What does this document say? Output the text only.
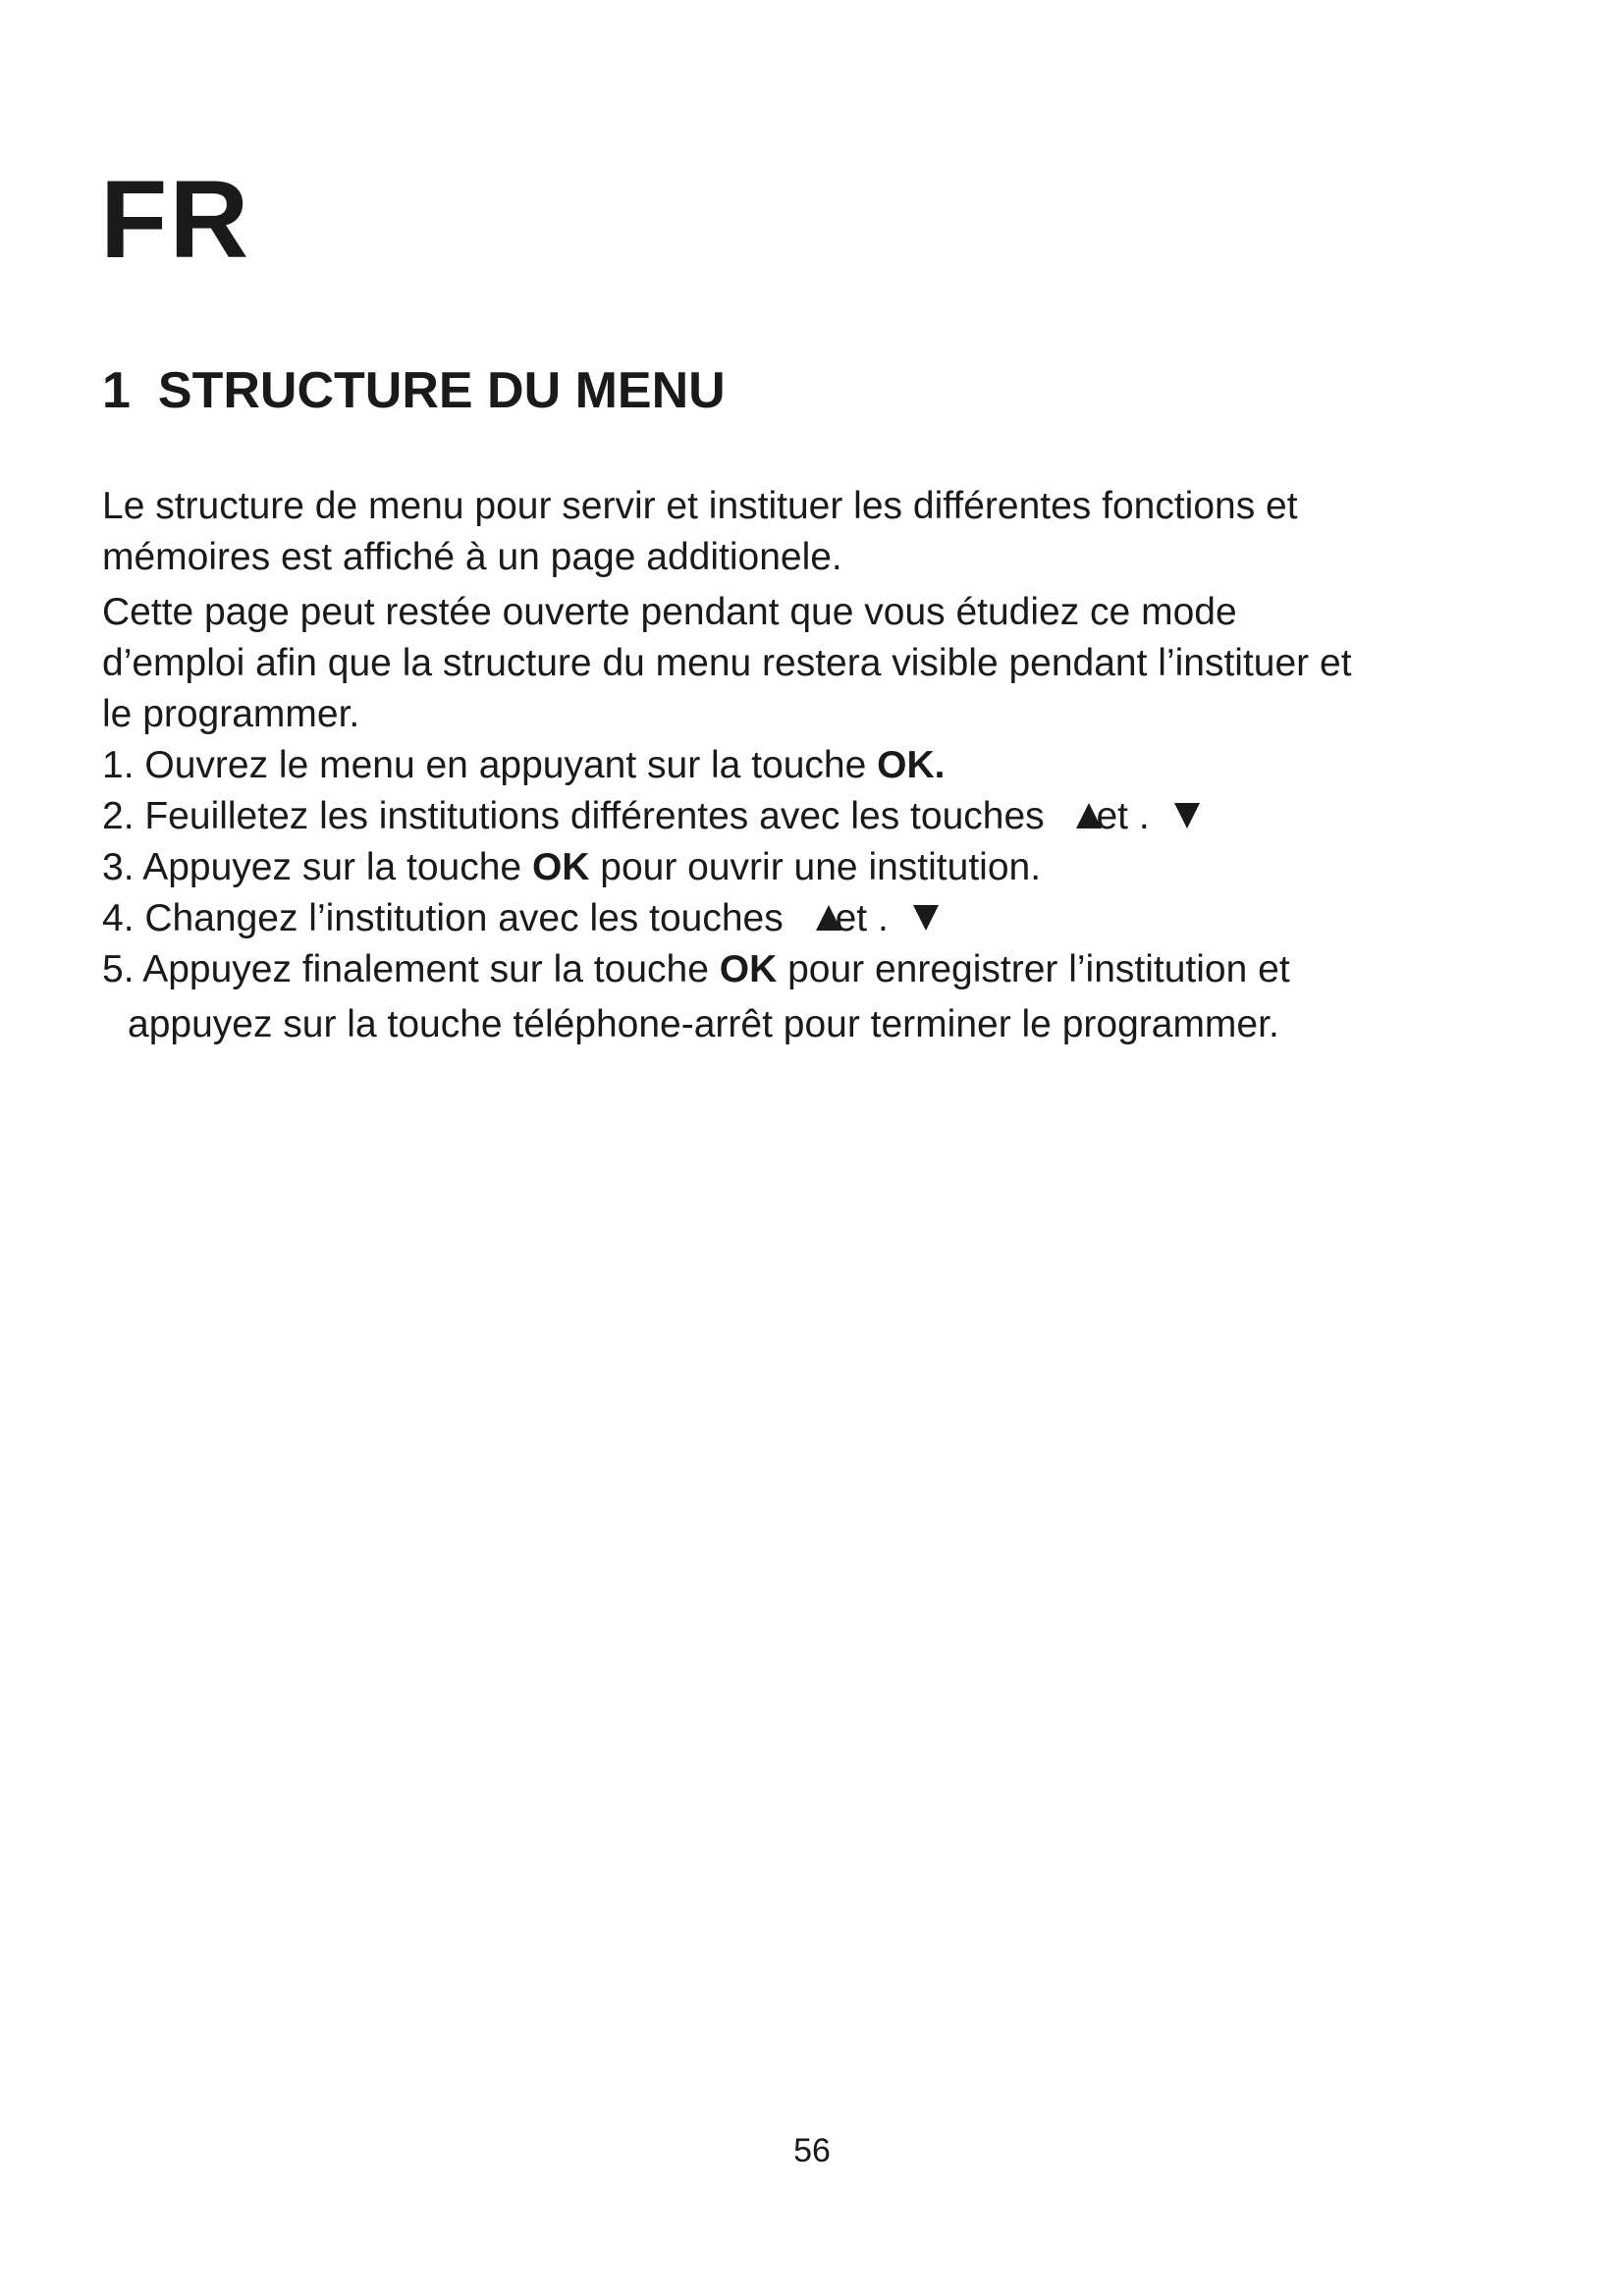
FR
1 STRUCTURE DU MENU
Le structure de menu pour servir et instituer les différentes fonctions et
mémoires est affiché à un page additionele.
Cette page peut restée ouverte pendant que vous étudiez ce mode
d’emploi afin que la structure du menu restera visible pendant l’instituer et
le programmer.
1. Ouvrez le menu en appuyant sur la touche OK.
2. Feuilletez les institutions différentes avec les touches et .
3. Appuyez sur la touche OK pour ouvrir une institution.
4. Changez l’institution avec les touches et .
5. Appuyez finalement sur la touche OK pour enregistrer l’institution et
appuyez sur la touche téléphone-arrêt pour terminer le programmer.
56
